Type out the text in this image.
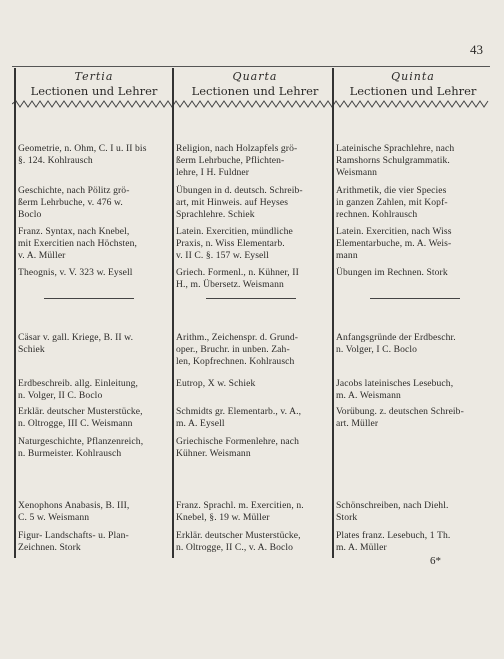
43
Tertia
Lectionen und Lehrer
Quarta
Lectionen und Lehrer
Quinta
Lectionen und Lehrer
Geometrie, n. Ohm, C. I u. II bis
§. 124. Kohlrausch
Geschichte, nach Pölitz grö-
ßerm Lehrbuche, v. 476 w.
Boclo
Franz. Syntax, nach Knebel,
mit Exercitien nach Höchsten,
v. A. Müller
Theognis, v. V. 323 w. Eysell
Religion, nach Holzapfels grö-
ßerm Lehrbuche, Pflichten-
lehre, I H. Fuldner
Übungen in d. deutsch. Schreib-
art, mit Hinweis. auf Heyses
Sprachlehre. Schiek
Latein. Exercitien, mündliche
Praxis, n. Wiss Elementarb.
v. II C. §. 157 w. Eysell
Griech. Formenl., n. Kühner, II
H., m. Übersetz. Weismann
Lateinische Sprachlehre, nach
Ramshorns Schulgrammatik.
Weismann
Arithmetik, die vier Species
in ganzen Zahlen, mit Kopf-
rechnen. Kohlrausch
Latein. Exercitien, nach Wiss
Elementarbuche, m. A. Weis-
mann
Übungen im Rechnen. Stork
Cäsar v. gall. Kriege, B. II w.
Schiek
Erdbeschreib. allg. Einleitung,
n. Volger, II C. Boclo
Erklär. deutscher Musterstücke,
n. Oltrogge, III C. Weismann
Naturgeschichte, Pflanzenreich,
n. Burmeister. Kohlrausch
Xenophons Anabasis, B. III,
C. 5 w. Weismann
Figur- Landschafts- u. Plan-
Zeichnen. Stork
Arithm., Zeichenspr. d. Grund-
oper., Bruchr. in unben. Zah-
len, Kopfrechnen. Kohlrausch
Eutrop, X w. Schiek
Schmidts gr. Elementarb., v. A.,
m. A. Eysell
Griechische Formenlehre, nach
Kühner. Weismann
Franz. Sprachl. m. Exercitien, n.
Knebel, §. 19 w. Müller
Erklär. deutscher Musterstücke,
n. Oltrogge, II C., v. A. Boclo
Anfangsgründe der Erdbeschr.
n. Volger, I C. Boclo
Jacobs lateinisches Lesebuch,
m. A. Weismann
Vorübung. z. deutschen Schreib-
art. Müller
Schönschreiben, nach Diehl.
Stork
Plates franz. Lesebuch, 1 Th.
m. A. Müller
6*
